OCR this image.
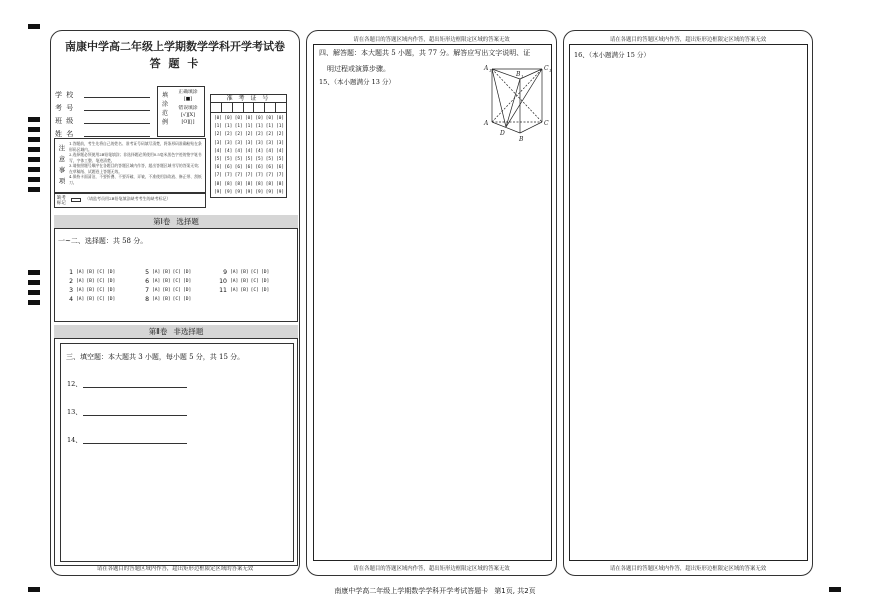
南康中学高二年级上学期数学学科开学考试卷
答 题 卡
学 校
考 号
班 级
姓 名
填涂范例
正确填涂
[■]
错误填涂
[√][X]
[O][|]
准 考 证 号
[0] [0] [0] [0] [0] [0] [0]
[1] [1] [1] [1] [1] [1] [1]
[2] [2] [2] [2] [2] [2] [2]
[3] [3] [3] [3] [3] [3] [3]
[4] [4] [4] [4] [4] [4] [4]
[5] [5] [5] [5] [5] [5] [5]
[6] [6] [6] [6] [6] [6] [6]
[7] [7] [7] [7] [7] [7] [7]
[8] [8] [8] [8] [8] [8] [8]
[9] [9] [9] [9] [9] [9] [9]
注意事项
1.答题前，考生先将自己的姓名、准考证号码填写清楚，将条形码准确粘贴在条形码区域内。
2.选择题必须使用2B铅笔填涂；非选择题必须使用0.5毫米黑色字迹的签字笔书写，字体工整、笔迹清楚。
3.请按照题号顺序在各题目的答题区域内作答，超出答题区域书写的答案无效；在草稿纸、试题卷上答题无效。
4.保持卡面清洁，不要折叠、不要弄破、弄皱，不准使用涂改液、修正带、刮纸刀。
缺考标记
（请监考员用2B铅笔填涂缺考考生的缺考标记）
第Ⅰ卷 选择题
一~二、选择题：共 58 分。
1 [A] [B] [C] [D]
2 [A] [B] [C] [D]
3 [A] [B] [C] [D]
4 [A] [B] [C] [D]
5 [A] [B] [C] [D]
6 [A] [B] [C] [D]
7 [A] [B] [C] [D]
8 [A] [B] [C] [D]
9 [A] [B] [C] [D]
10 [A] [B] [C] [D]
11 [A] [B] [C] [D]
第Ⅱ卷 非选择题
三、填空题：本大题共 3 小题，每小题 5 分，共 15 分。
12、
13、
14、
请在各题目的答题区域内作答，超出矩形边框限定区域的答案无效
请在各题目的答题区域内作答，超出矩形边框限定区域的答案无效
四、解答题：本大题共 5 小题，共 77 分。解答应写出文字说明、证
明过程或演算步骤。
15、（本小题满分 13 分）
A 1	C 1
B 1
A	C
D
B
请在各题目的答题区域内作答，超出矩形边框限定区域的答案无效
请在各题目的答题区域内作答，超出矩形边框限定区域的答案无效
16、（本小题满分 15 分）
请在各题目的答题区域内作答，超出矩形边框限定区域的答案无效
南康中学高二年级上学期数学学科开学考试答题卡 第1页, 共2页
